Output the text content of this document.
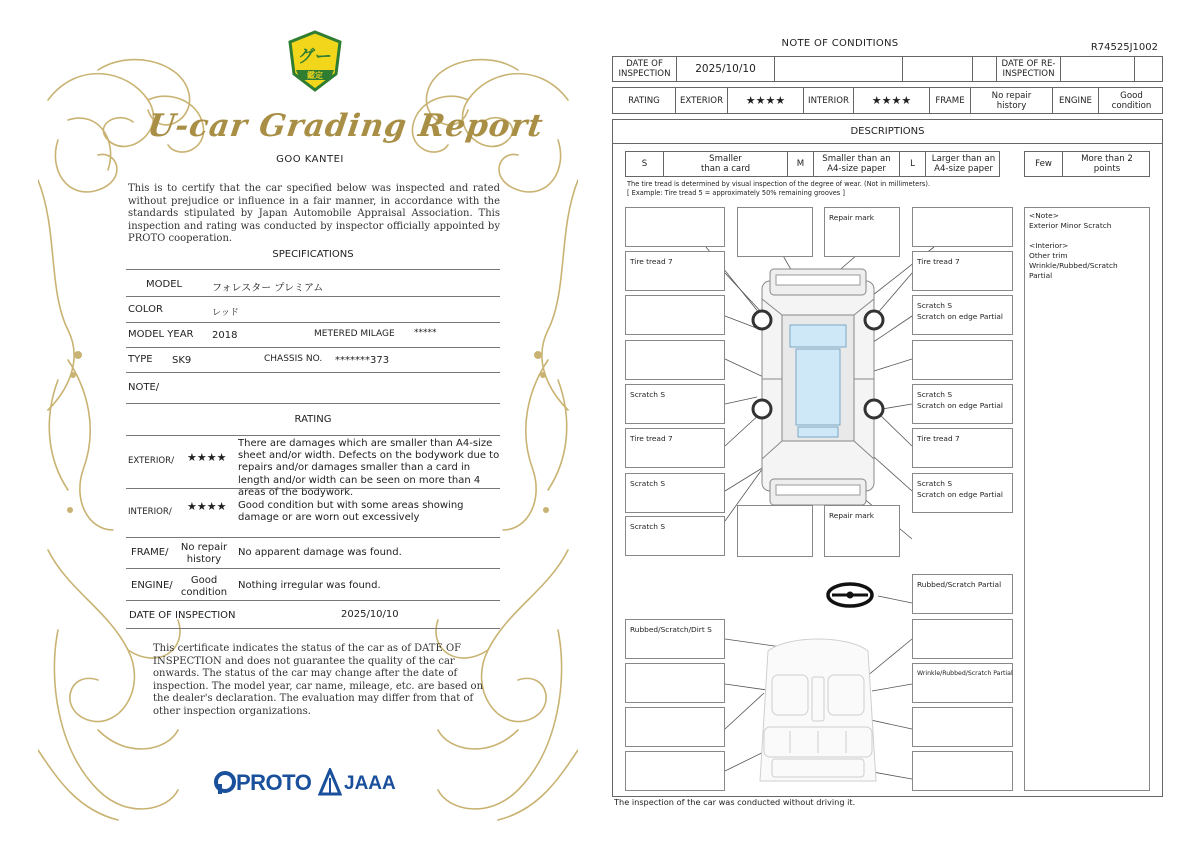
グー
鑑定
U-car Grading Report
GOO KANTEI
This is to certify that the car specified below was inspected and rated without prejudice or influence in a fair manner, in accordance with the standards stipulated by Japan Automobile Appraisal Association. This inspection and rating was conducted by inspector officially appointed by PROTO cooperation.
SPECIFICATIONS
MODEL	フォレスター プレミアム
COLOR	レッド
MODEL YEAR 2018	METERED MILAGE *****
TYPE SK9	CHASSIS NO. *******373
NOTE/
RATING
EXTERIOR/ ★★★★
There are damages which are smaller than A4-size sheet and/or width. Defects on the bodywork due to repairs and/or damages smaller than a card in length and/or width can be seen on more than 4 areas of the bodywork.
INTERIOR/ ★★★★ Good condition but with some areas showing damage or are worn out excessively
FRAME/ No repair history
No apparent damage was found.
ENGINE/	Good condition
Nothing irregular was found.
DATE OF INSPECTION	2025/10/10
This certificate indicates the status of the car as of DATE OF INSPECTION and does not guarantee the quality of the car onwards. The status of the car may change after the date of inspection. The model year, car name, mileage, etc. are based on the dealer's declaration. The evaluation may differ from that of other inspection organizations.
PROTO JAAA
NOTE OF CONDITIONS	R74525J1002
DATE OF INSPECTION	2025/10/10	DATE OF RE-INSPECTION
RATING	EXTERIOR	★★★★	INTERIOR	★★★★	FRAME	No repair history	ENGINE	Good condition
DESCRIPTIONS
S	Smaller than a card	M	Smaller than an A4-size paper	L	Larger than an A4-size paper	Few	More than 2 points
The tire tread is determined by visual inspection of the degree of wear. (Not in millimeters).
[ Example: Tire tread 5 = approximately 50% remaining grooves ]
Repair mark
Tire tread 7	Tire tread 7
Scratch S
Scratch on edge Partial
Scratch S	Scratch S
Scratch on edge Partial
Tire tread 7	Tire tread 7
Scratch S	Scratch S
Scratch on edge Partial
Scratch S
Repair mark
Rubbed/Scratch Partial
Rubbed/Scratch/Dirt S
Wrinkle/Rubbed/Scratch Partial
<Note>
Exterior Minor Scratch

<Interior>
Other trim
Wrinkle/Rubbed/Scratch
Partial
The inspection of the car was conducted without driving it.
